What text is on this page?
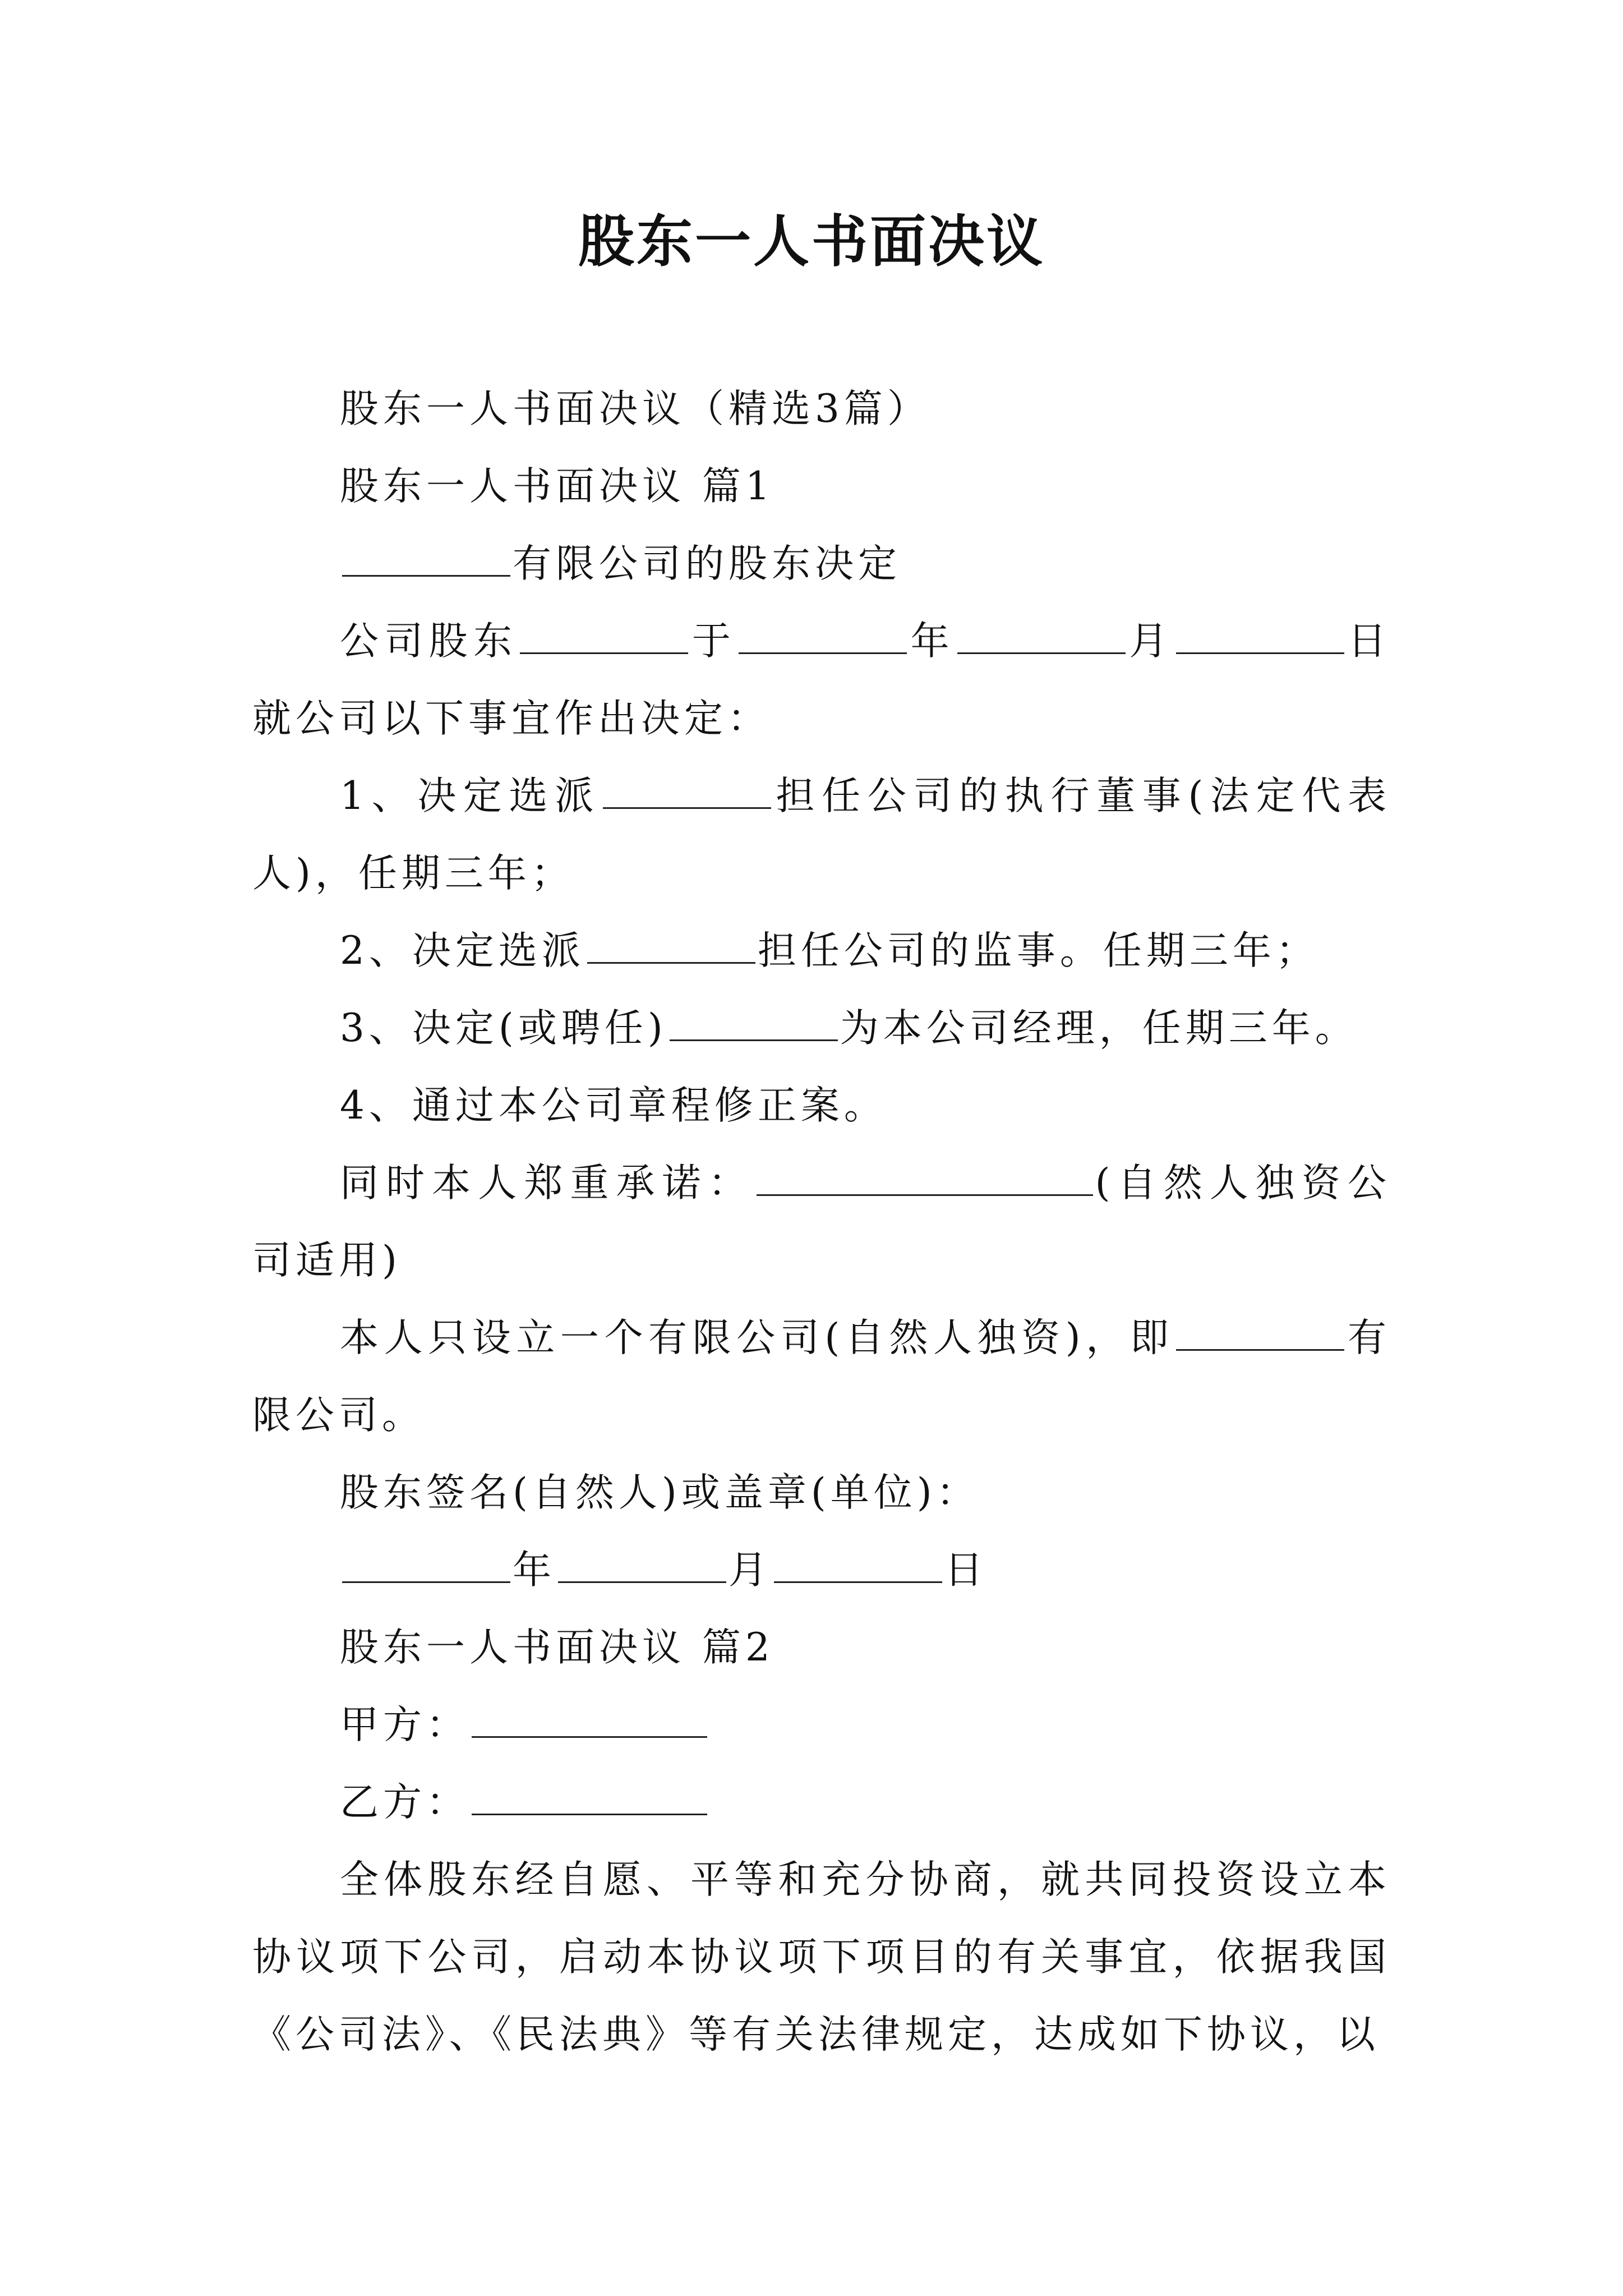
股东一人书面决议

股东一人书面决议（精选3篇）

股东一人书面决议 篇1

有限公司的股东决定

公司股东	于	年	月	日就公司以下事宜作出决定：

1、决定选派	担任公司的执行董事(法定代表人)，任期三年；

2、决定选派	担任公司的监事。任期三年；

3、决定(或聘任)	为本公司经理，任期三年。

4、通过本公司章程修正案。

同时本人郑重承诺：	(自然人独资公司适用)

本人只设立一个有限公司(自然人独资)，即	有限公司。

股东签名(自然人)或盖章(单位)：

年	月	日

股东一人书面决议 篇2

甲方：

乙方：

全体股东经自愿、平等和充分协商，就共同投资设立本协议项下公司，启动本协议项下项目的有关事宜，依据我国《公司法》、《民法典》等有关法律规定，达成如下协议，以
